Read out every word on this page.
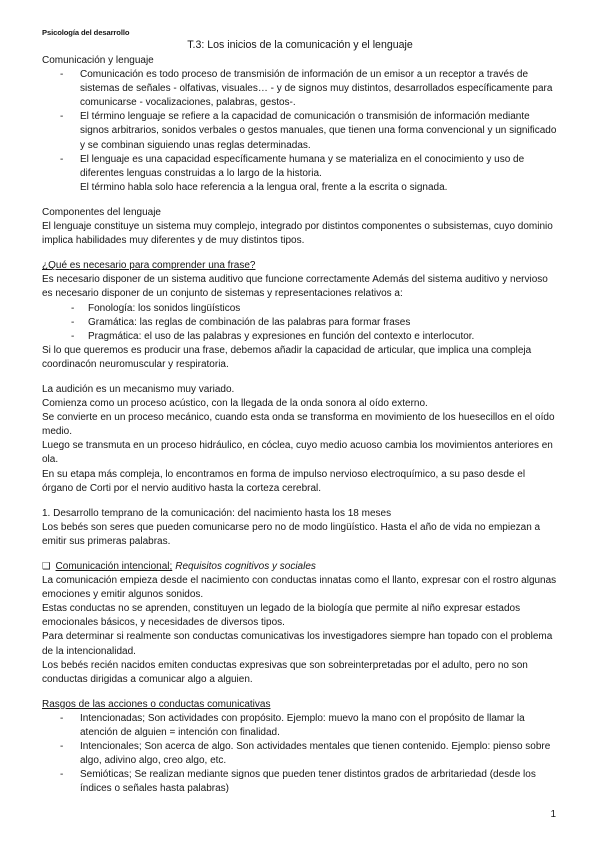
Psicología del desarrollo
T.3: Los inicios de la comunicación y el lenguaje
Comunicación y lenguaje
- Comunicación es todo proceso de transmisión de información de un emisor a un receptor a través de sistemas de señales - olfativas, visuales… - y de signos muy distintos, desarrollados específicamente para comunicarse - vocalizaciones, palabras, gestos-.
- El término lenguaje se refiere a la capacidad de comunicación o transmisión de información mediante signos arbitrarios, sonidos verbales o gestos manuales, que tienen una forma convencional y un significado y se combinan siguiendo unas reglas determinadas.
- El lenguaje es una capacidad específicamente humana y se materializa en el conocimiento y uso de diferentes lenguas construidas a lo largo de la historia.
El término habla solo hace referencia a la lengua oral, frente a la escrita o signada.
Componentes del lenguaje
El lenguaje constituye un sistema muy complejo, integrado por distintos componentes o subsistemas, cuyo dominio implica habilidades muy diferentes y de muy distintos tipos.
¿Qué es necesario para comprender una frase?
Es necesario disponer de un sistema auditivo que funcione correctamente Además del sistema auditivo y nervioso es necesario disponer de un conjunto de sistemas y representaciones relativos a:
- Fonología: los sonidos lingüísticos
- Gramática: las reglas de combinación de las palabras para formar frases
- Pragmática: el uso de las palabras y expresiones en función del contexto e interlocutor.
Si lo que queremos es producir una frase, debemos añadir la capacidad de articular, que implica una compleja coordinacón neuromuscular y respiratoria.
La audición es un mecanismo muy variado.
Comienza como un proceso acústico, con la llegada de la onda sonora al oído externo.
Se convierte en un proceso mecánico, cuando esta onda se transforma en movimiento de los huesecillos en el oído medio.
Luego se transmuta en un proceso hidráulico, en cóclea, cuyo medio acuoso cambia los movimientos anteriores en ola.
En su etapa más compleja, lo encontramos en forma de impulso nervioso electroquímico, a su paso desde el órgano de Corti por el nervio auditivo hasta la corteza cerebral.
1. Desarrollo temprano de la comunicación: del nacimiento hasta los 18 meses
Los bebés son seres que pueden comunicarse pero no de modo lingüístico. Hasta el año de vida no empiezan a emitir sus primeras palabras.
❑ Comunicación intencional; Requisitos cognitivos y sociales
La comunicación empieza desde el nacimiento con conductas innatas como el llanto, expresar con el rostro algunas emociones y emitir algunos sonidos.
Estas conductas no se aprenden, constituyen un legado de la biología que permite al niño expresar estados emocionales básicos, y necesidades de diversos tipos.
Para determinar si realmente son conductas comunicativas los investigadores siempre han topado con el problema de la intencionalidad.
Los bebés recién nacidos emiten conductas expresivas que son sobreinterpretadas por el adulto, pero no son conductas dirigidas a comunicar algo a alguien.
Rasgos de las acciones o conductas comunicativas
- Intencionadas; Son actividades con propósito. Ejemplo: muevo la mano con el propósito de llamar la atención de alguien = intención con finalidad.
- Intencionales; Son acerca de algo. Son actividades mentales que tienen contenido. Ejemplo: pienso sobre algo, adivino algo, creo algo, etc.
- Semióticas; Se realizan mediante signos que pueden tener distintos grados de arbritariedad (desde los índices o señales hasta palabras)
1
